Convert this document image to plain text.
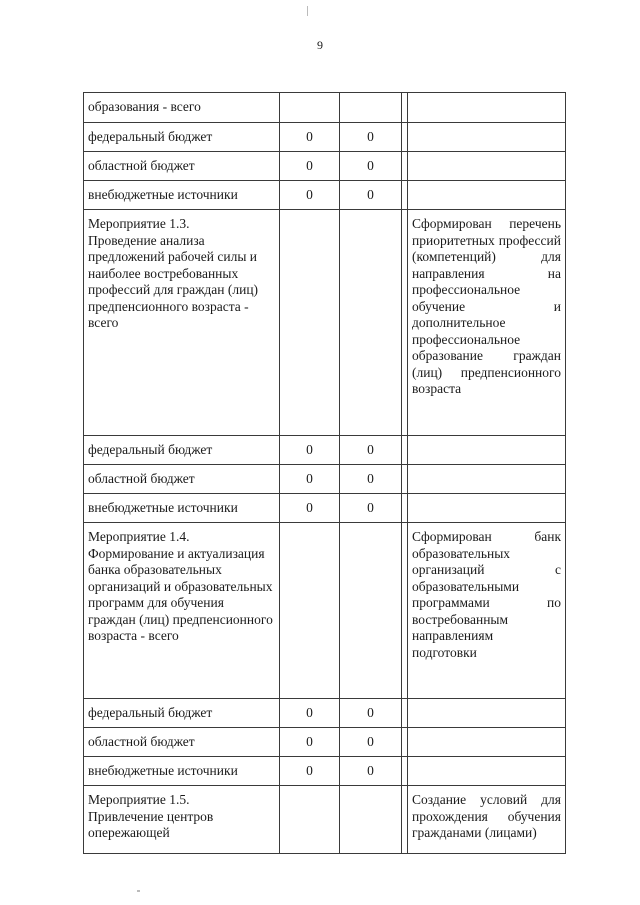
9
образования - всего				
федеральный бюджет	0	0		
областной бюджет	0	0		
внебюджетные источники	0	0		

Мероприятие 1.3.
Проведение анализа предложений рабочей силы и наиболее востребованных профессий для граждан (лиц) предпенсионного возраста -
всего				Сформирован перечень приоритетных профессий (компетенций) для направления на профессиональное обучение и дополнительное профессиональное образование граждан (лиц) предпенсионного возраста
федеральный бюджет	0	0		
областной бюджет	0	0		
внебюджетные источники	0	0		

Мероприятие 1.4.
Формирование и актуализация банка образовательных организаций и образовательных программ для обучения граждан (лиц) предпенсионного возраста - всего				Сформирован банк образовательных организаций с образовательными программами по востребованным направлениям подготовки
федеральный бюджет	0	0		
областной бюджет	0	0		
внебюджетные источники	0	0		

Мероприятие 1.5.
Привлечение центров опережающей				Создание условий для прохождения обучения гражданами (лицами)
